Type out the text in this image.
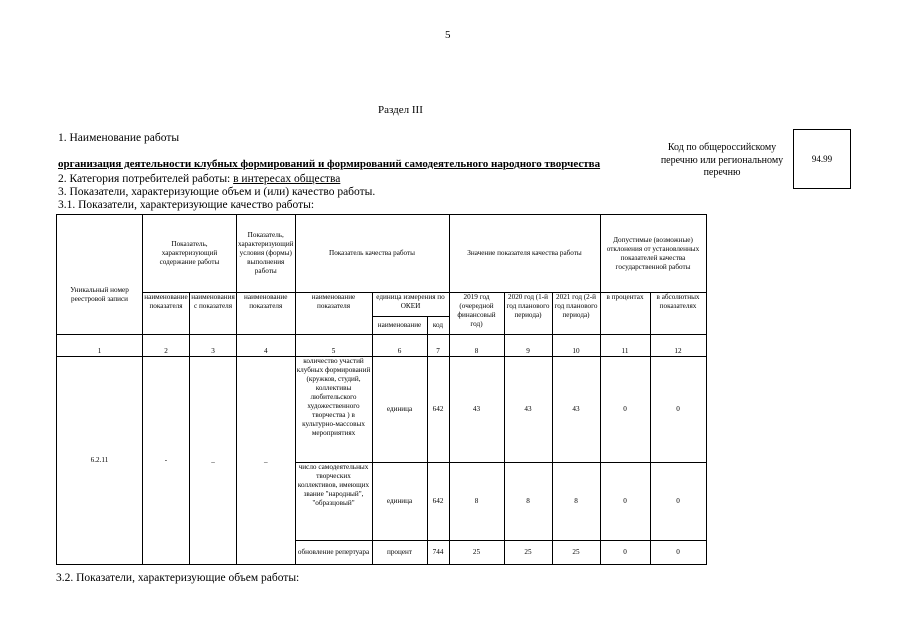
5
Раздел III
1. Наименование работы
организация деятельности клубных формирований и формирований самодеятельного народного творчества
2. Категория потребителей работы: в интересах общества
3. Показатели, характеризующие объем и (или) качество работы.
3.1. Показатели, характеризующие качество работы:
Код по общероссийскому перечню или региональному перечню
94.99
Уникальный номер реестровой записи	Показатель, характеризующий содержание работы		Показатель, характеризующий условия (формы) выполнения работы	Показатель качества работы			Значение показателя качества работы			Допустимые (возможные) отклонения от установленных показателей качества государственной работы	
	наименование показателя	наименования с показателя	наименование показателя	наименование показателя	единица измерения по ОКЕИ		2019 год (очередной финансовый год)	2020 год (1-й год планового периода)	2021 год (2-й год планового периода)	в процентах	в абсолютных показателях
					наименование	код					
1	2	3	4	5	6	7	8	9	10	11	12
6.2.11	-	_	_	количество участий клубных формирований (кружков, студий, коллективы любительского художественного творчества ) в культурно-массовых мероприятиях	единица	642	43	43	43	0	0
				число самодеятельных творческих коллективов, имеющих звание "народный", "образцовый"	единица	642	8	8	8	0	0
				обновление репертуара	процент	744	25	25	25	0	0
3.2. Показатели, характеризующие объем работы:
